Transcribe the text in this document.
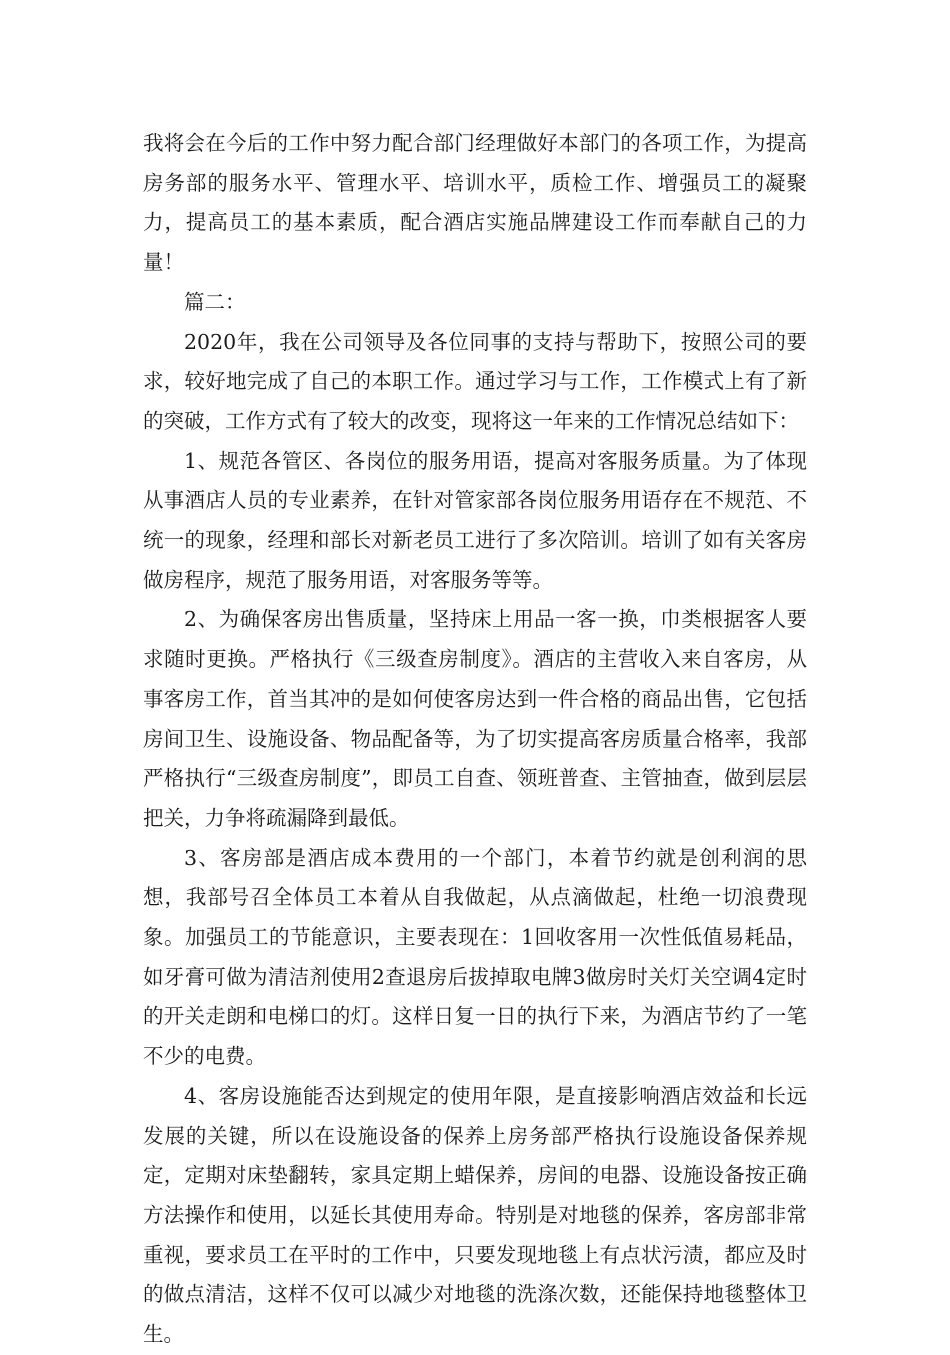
我将会在今后的工作中努力配合部门经理做好本部门的各项工作，为提高房务部的服务水平、管理水平、培训水平，质检工作、增强员工的凝聚力，提高员工的基本素质，配合酒店实施品牌建设工作而奉献自己的力量！

篇二：

2020年，我在公司领导及各位同事的支持与帮助下，按照公司的要求，较好地完成了自己的本职工作。通过学习与工作，工作模式上有了新的突破，工作方式有了较大的改变，现将这一年来的工作情况总结如下：

1、规范各管区、各岗位的服务用语，提高对客服务质量。为了体现从事酒店人员的专业素养，在针对管家部各岗位服务用语存在不规范、不统一的现象，经理和部长对新老员工进行了多次陪训。培训了如有关客房做房程序，规范了服务用语，对客服务等等。

2、为确保客房出售质量，坚持床上用品一客一换，巾类根据客人要求随时更换。严格执行《三级查房制度》。酒店的主营收入来自客房，从事客房工作，首当其冲的是如何使客房达到一件合格的商品出售，它包括房间卫生、设施设备、物品配备等，为了切实提高客房质量合格率，我部严格执行“三级查房制度”，即员工自查、领班普查、主管抽查，做到层层把关，力争将疏漏降到最低。

3、客房部是酒店成本费用的一个部门，本着节约就是创利润的思想，我部号召全体员工本着从自我做起，从点滴做起，杜绝一切浪费现象。加强员工的节能意识，主要表现在：1回收客用一次性低值易耗品，如牙膏可做为清洁剂使用2查退房后拔掉取电牌3做房时关灯关空调4定时的开关走朗和电梯口的灯。这样日复一日的执行下来，为酒店节约了一笔不少的电费。

4、客房设施能否达到规定的使用年限，是直接影响酒店效益和长远发展的关键，所以在设施设备的保养上房务部严格执行设施设备保养规定，定期对床垫翻转，家具定期上蜡保养，房间的电器、设施设备按正确方法操作和使用，以延长其使用寿命。特别是对地毯的保养，客房部非常重视，要求员工在平时的工作中，只要发现地毯上有点状污渍，都应及时的做点清洁，这样不仅可以减少对地毯的洗涤次数，还能保持地毯整体卫生。
